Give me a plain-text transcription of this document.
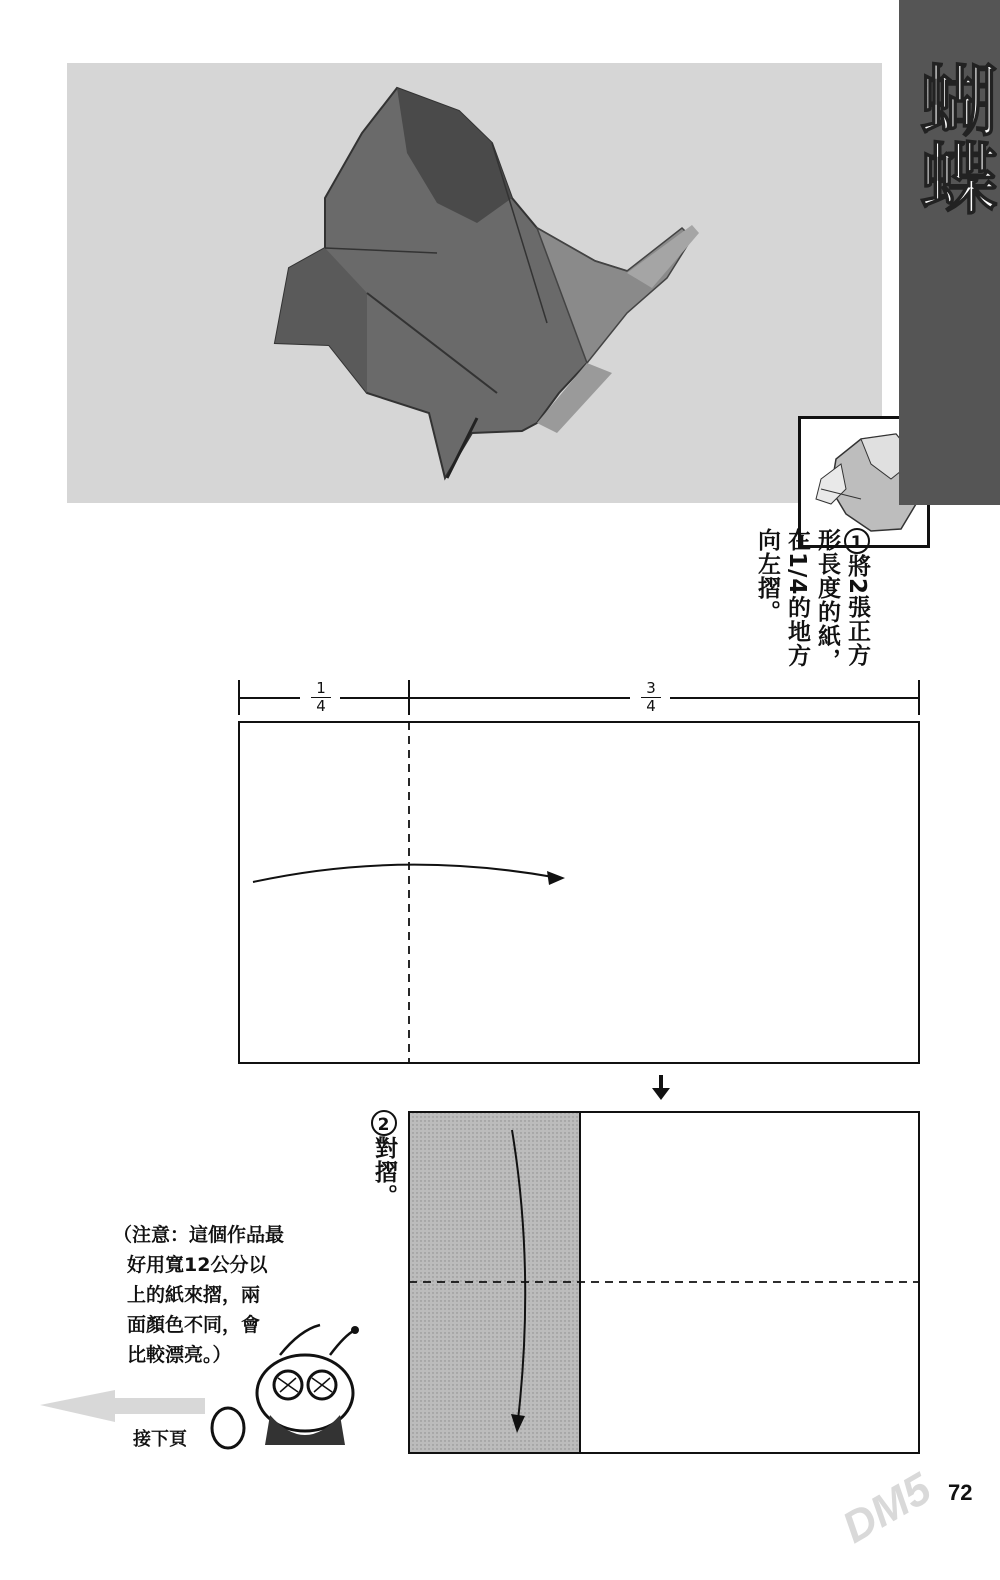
蝴蝶
1將2張正方形長度的紙，在1/4的地方向左摺。
$\frac{1}{4}$	$\frac{3}{4}$
2對摺。
（注意：這個作品最
好用寬12公分以
上的紙來摺，兩
面顏色不同，會
比較漂亮。）
接下頁
72
DM5
